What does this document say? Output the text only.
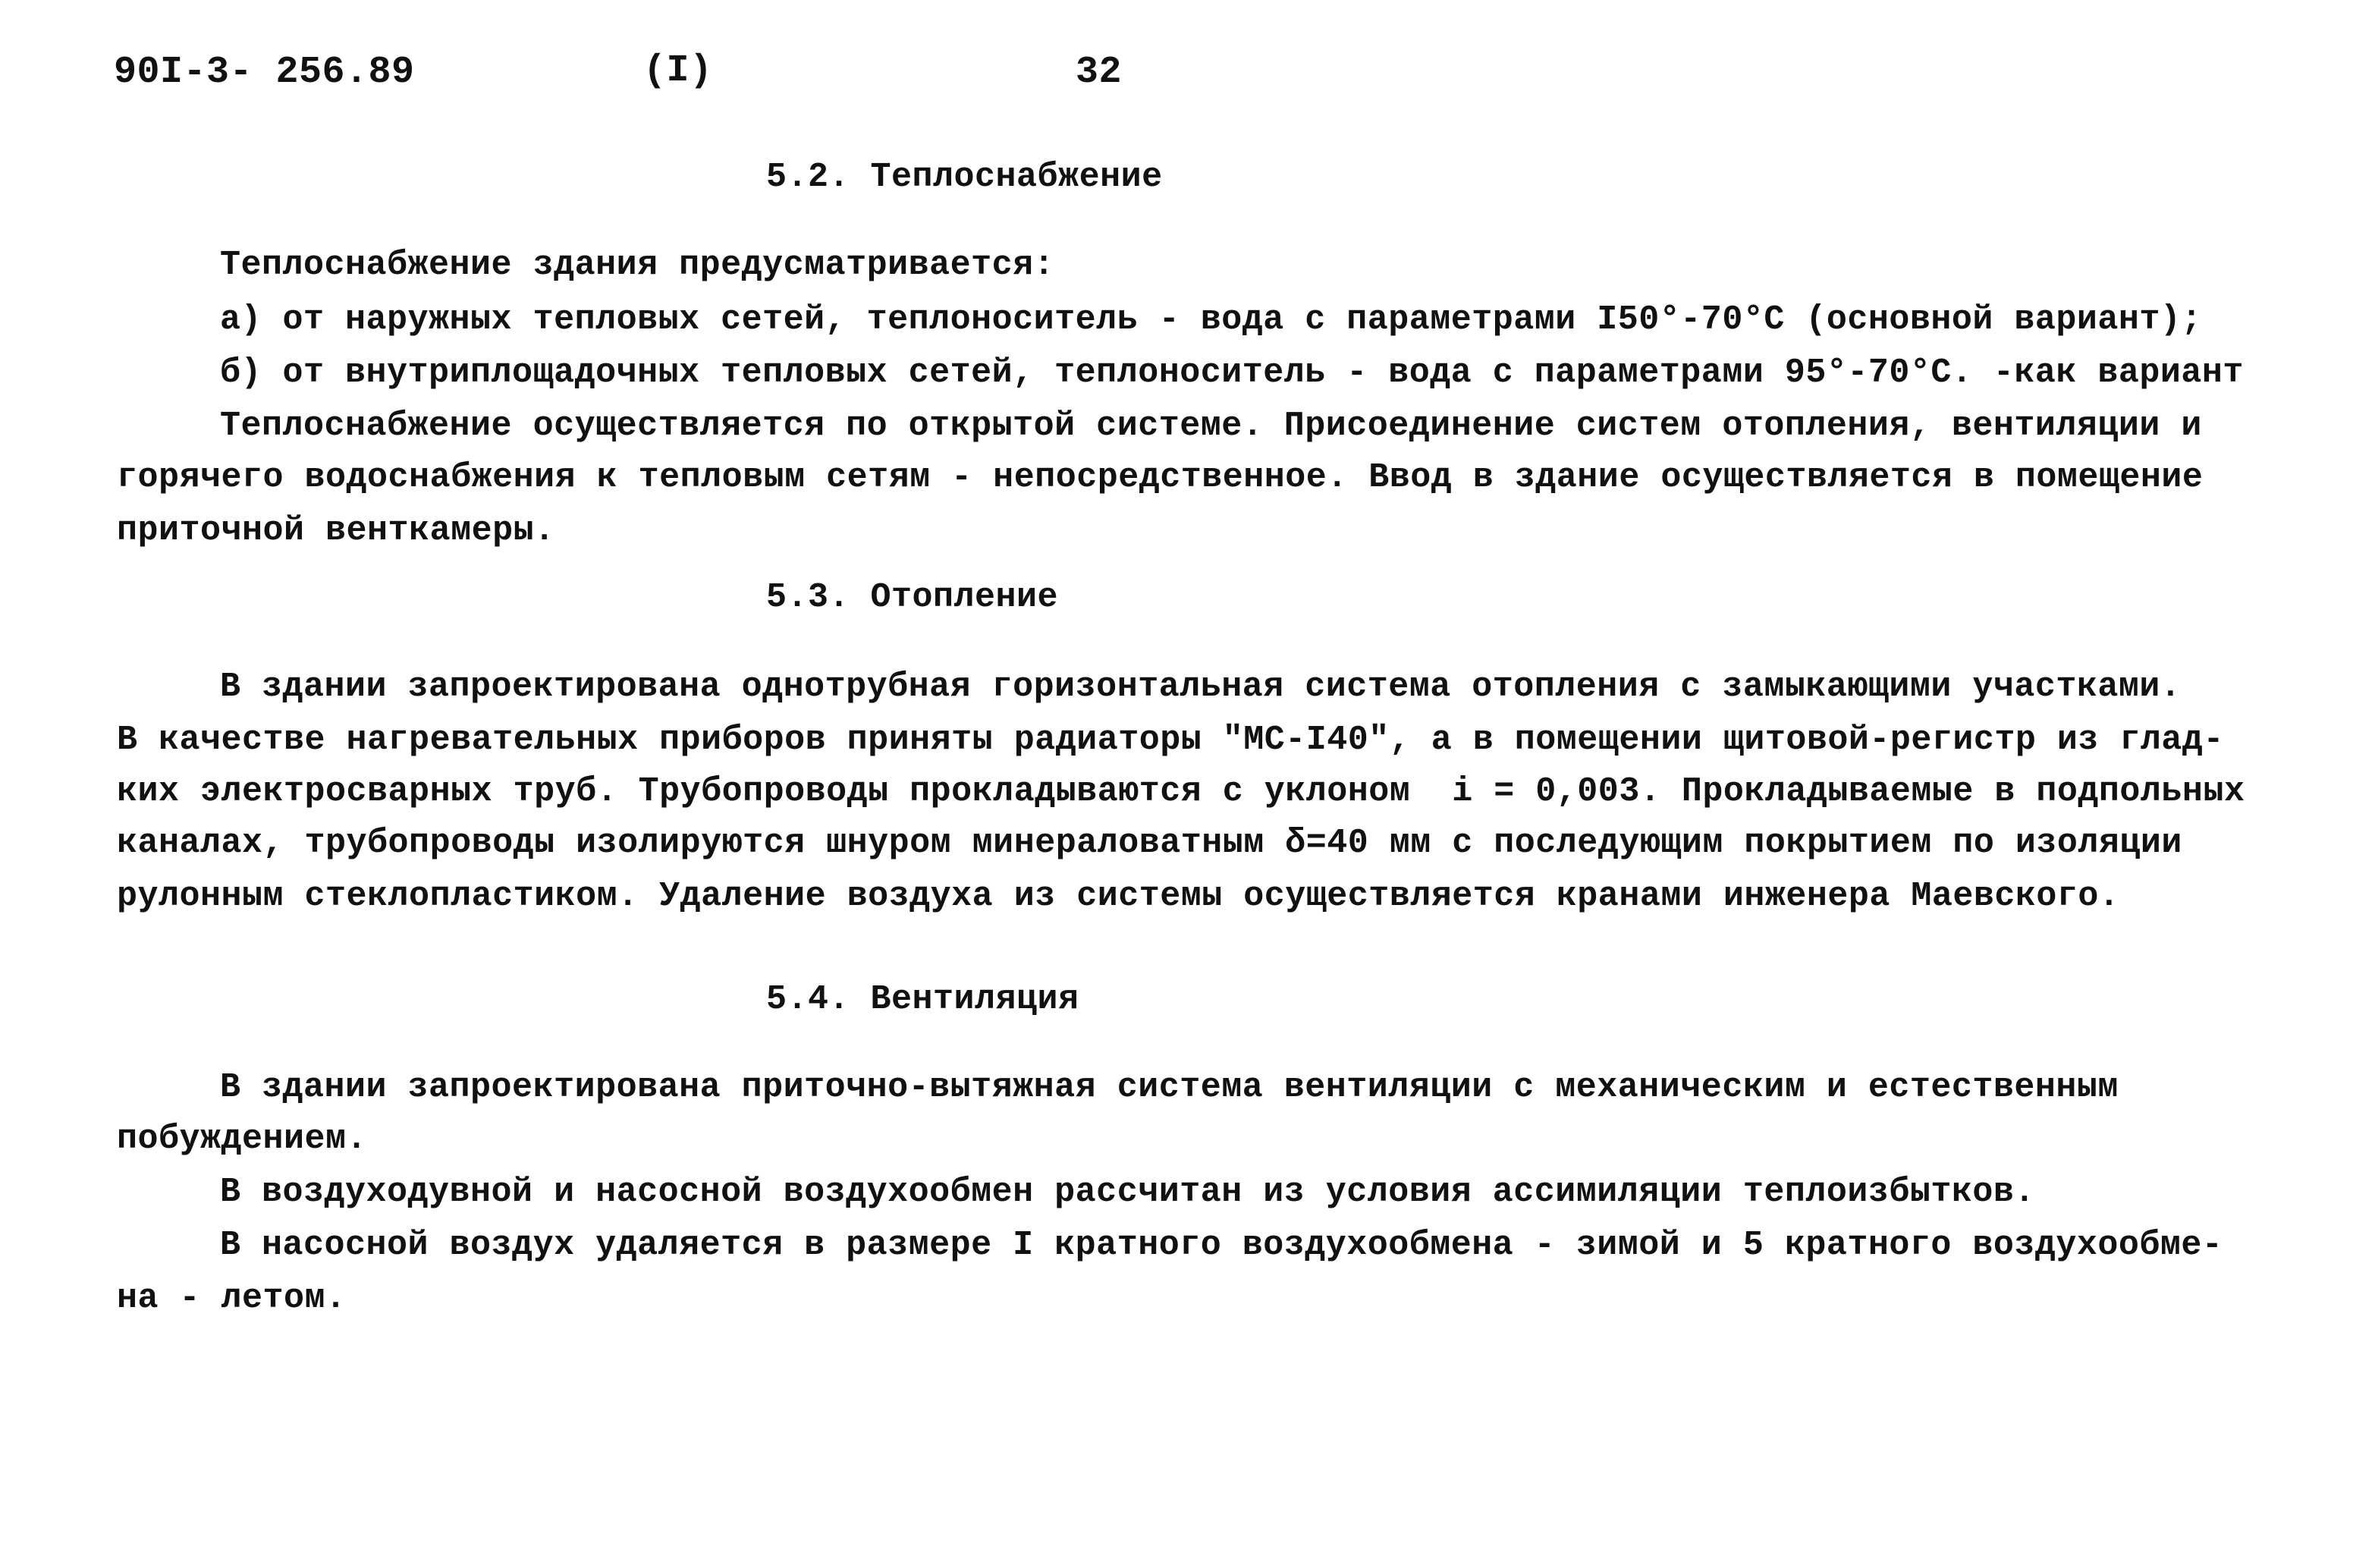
90I-3- 256.89	(I)	32
5.2. Теплоснабжение
Теплоснабжение здания предусматривается:
а) от наружных тепловых сетей, теплоноситель - вода с параметрами I50°-70°С (основной вариант);
б) от внутриплощадочных тепловых сетей, теплоноситель - вода с параметрами 95°-70°С. -как вариант
Теплоснабжение осуществляется по открытой системе. Присоединение систем отопления, вентиляции и
горячего водоснабжения к тепловым сетям - непосредственное. Ввод в здание осуществляется в помещение
приточной венткамеры.
5.3. Отопление
В здании запроектирована однотрубная горизонтальная система отопления с замыкающими участками.
В качестве нагревательных приборов приняты радиаторы "МС-I40", а в помещении щитовой-регистр из глад-
ких электросварных труб. Трубопроводы прокладываются с уклоном  i = 0,003. Прокладываемые в подпольных
каналах, трубопроводы изолируются шнуром минераловатным δ=40 мм с последующим покрытием по изоляции
рулонным стеклопластиком. Удаление воздуха из системы осуществляется кранами инженера Маевского.
5.4. Вентиляция
В здании запроектирована приточно-вытяжная система вентиляции с механическим и естественным
побуждением.
В воздуходувной и насосной воздухообмен рассчитан из условия ассимиляции теплоизбытков.
В насосной воздух удаляется в размере I кратного воздухообмена - зимой и 5 кратного воздухообме-
на - летом.
